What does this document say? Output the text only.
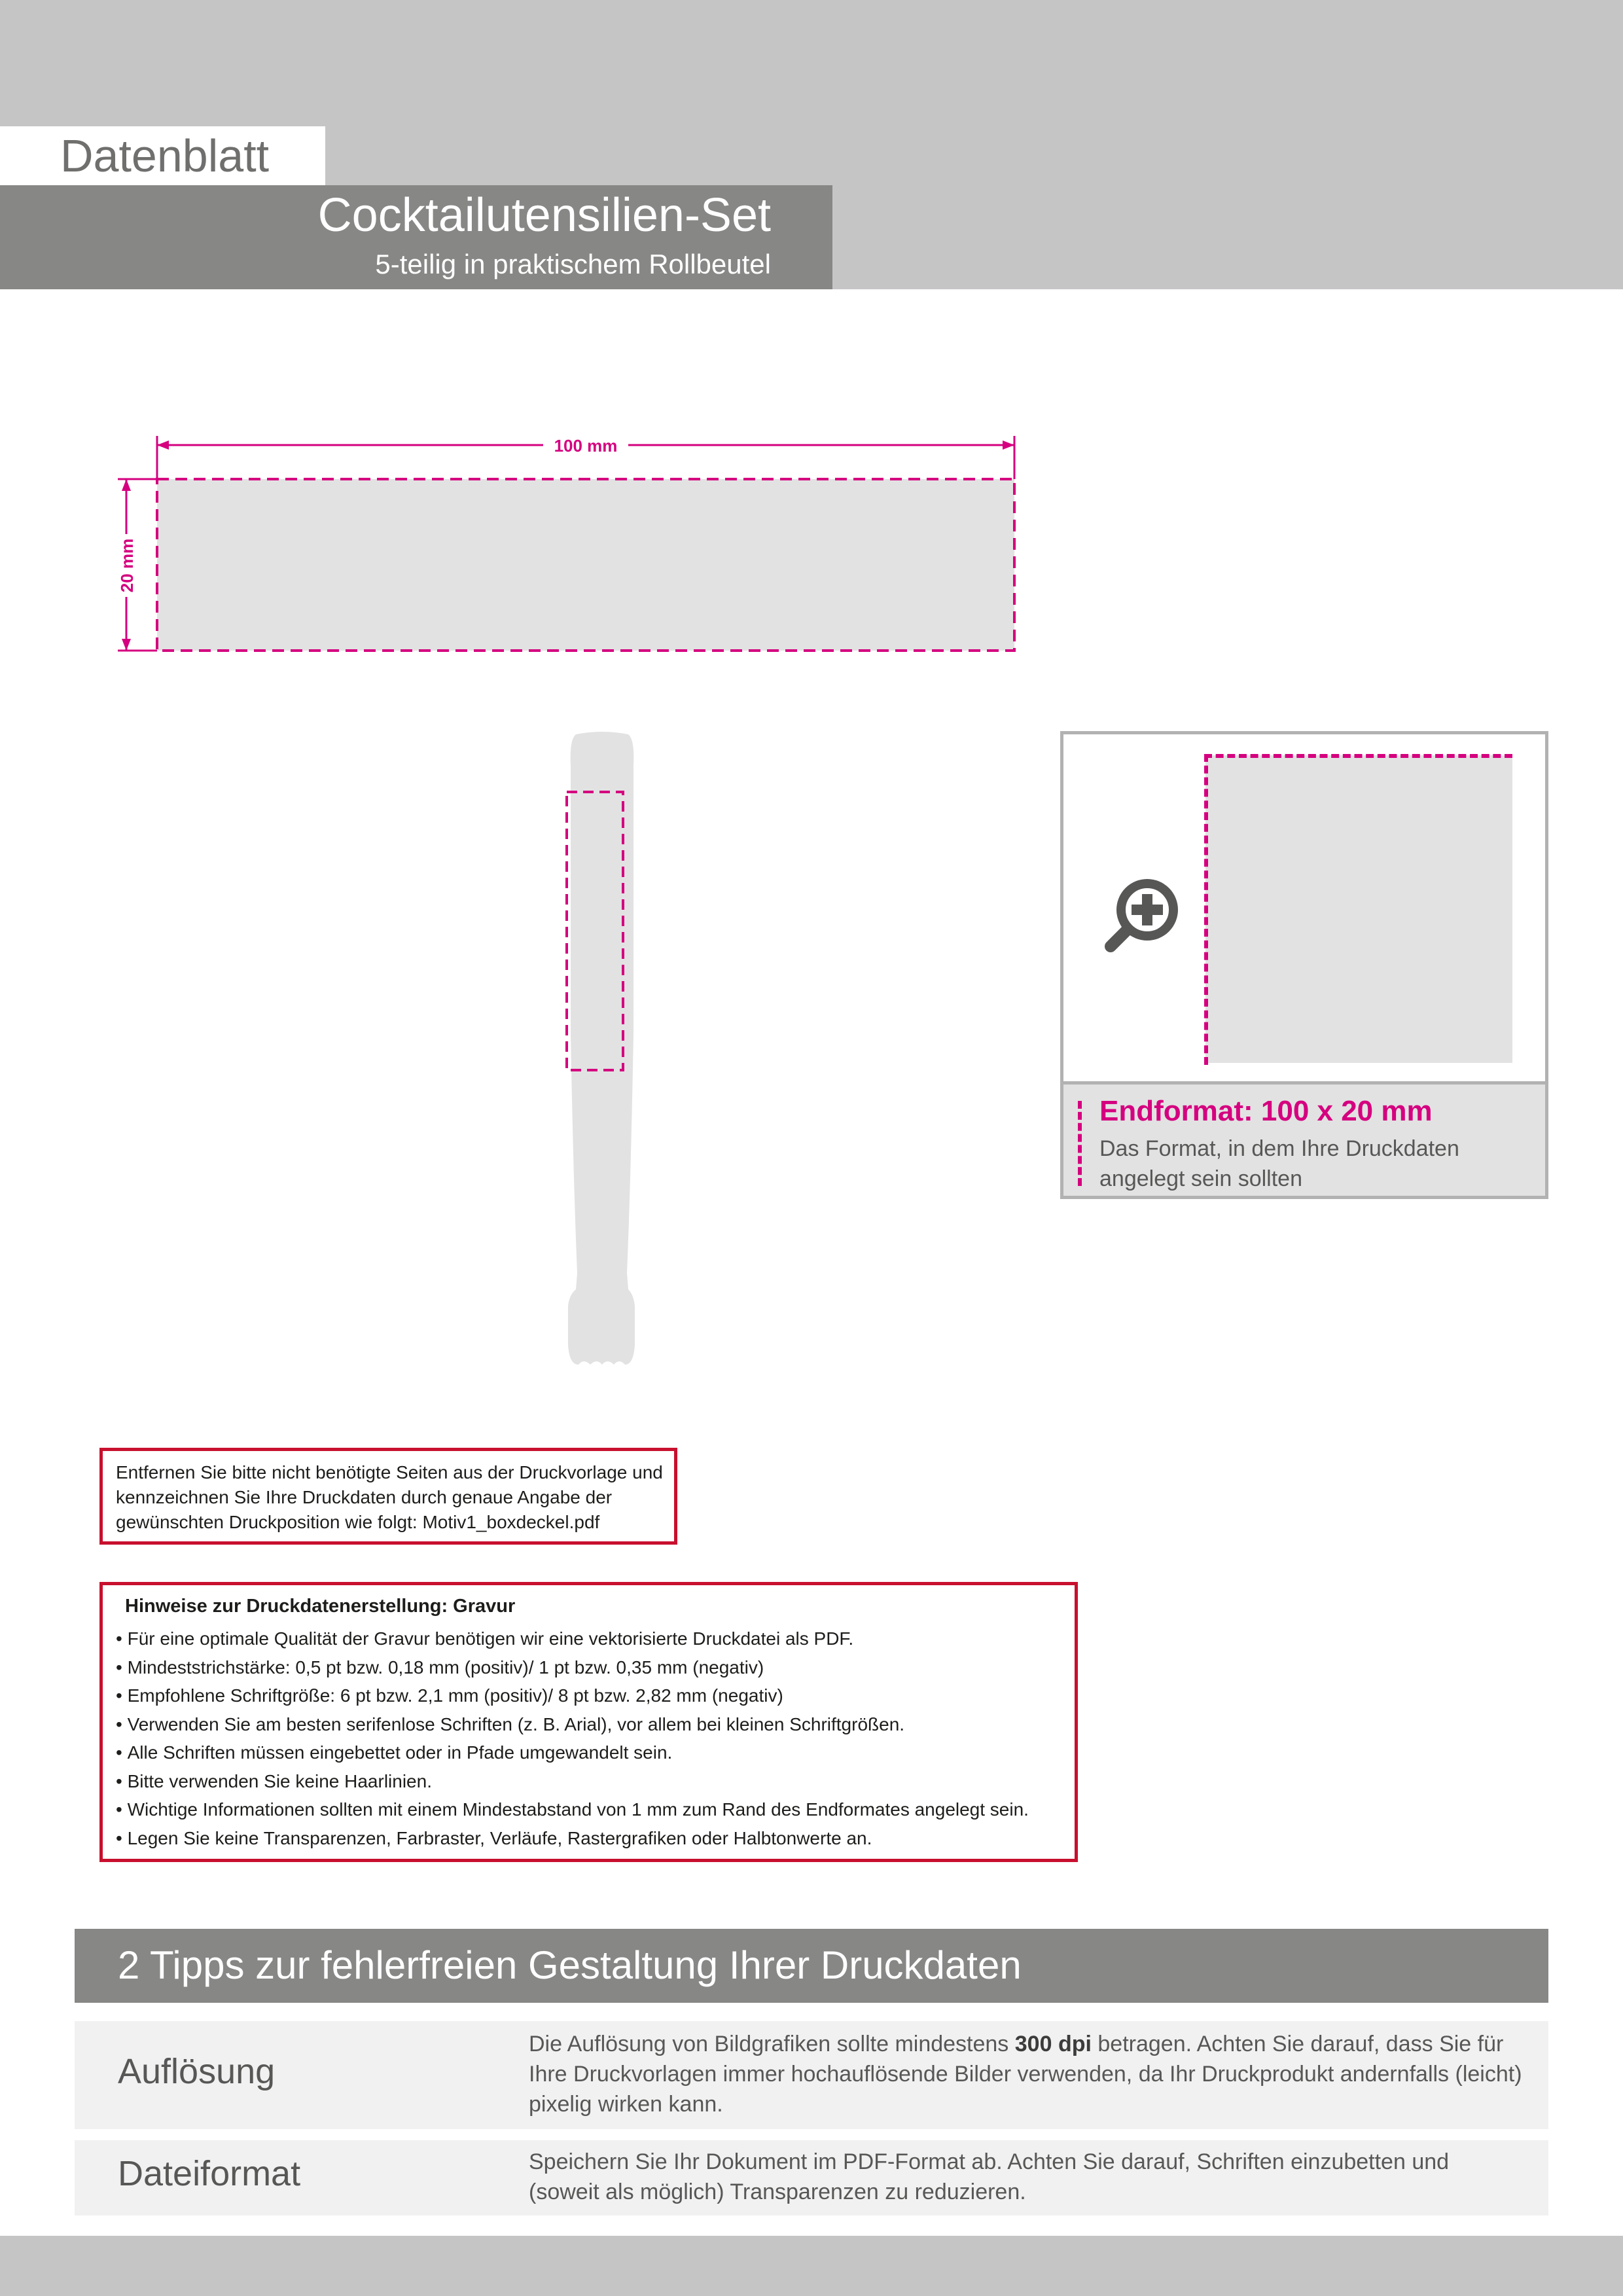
Datenblatt
Cocktailutensilien-Set
5-teilig in praktischem Rollbeutel
100 mm
20 mm
Endformat: 100 x 20 mm
Das Format, in dem Ihre Druckdaten angelegt sein sollten
Entfernen Sie bitte nicht benötigte Seiten aus der Druckvorlage und kennzeichnen Sie Ihre Druckdaten durch genaue Angabe der gewünschten Druckposition wie folgt: Motiv1_boxdeckel.pdf
Hinweise zur Druckdatenerstellung: Gravur
• Für eine optimale Qualität der Gravur benötigen wir eine vektorisierte Druckdatei als PDF.
• Mindeststrichstärke: 0,5 pt bzw. 0,18 mm (positiv)/ 1 pt bzw. 0,35 mm (negativ)
• Empfohlene Schriftgröße: 6 pt bzw. 2,1 mm (positiv)/ 8 pt bzw. 2,82 mm (negativ)
• Verwenden Sie am besten serifenlose Schriften (z. B. Arial), vor allem bei kleinen Schriftgrößen.
• Alle Schriften müssen eingebettet oder in Pfade umgewandelt sein.
• Bitte verwenden Sie keine Haarlinien.
• Wichtige Informationen sollten mit einem Mindestabstand von 1 mm zum Rand des Endformates angelegt sein.
• Legen Sie keine Transparenzen, Farbraster, Verläufe, Rastergrafiken oder Halbtonwerte an.
2 Tipps zur fehlerfreien Gestaltung Ihrer Druckdaten
Auflösung
Die Auflösung von Bildgrafiken sollte mindestens 300 dpi betragen. Achten Sie darauf, dass Sie für Ihre Druckvorlagen immer hochauflösende Bilder verwenden, da Ihr Druckprodukt andernfalls (leicht) pixelig wirken kann.
Dateiformat	Speichern Sie Ihr Dokument im PDF-Format ab. Achten Sie darauf, Schriften einzubetten und (soweit als möglich) Transparenzen zu reduzieren.
